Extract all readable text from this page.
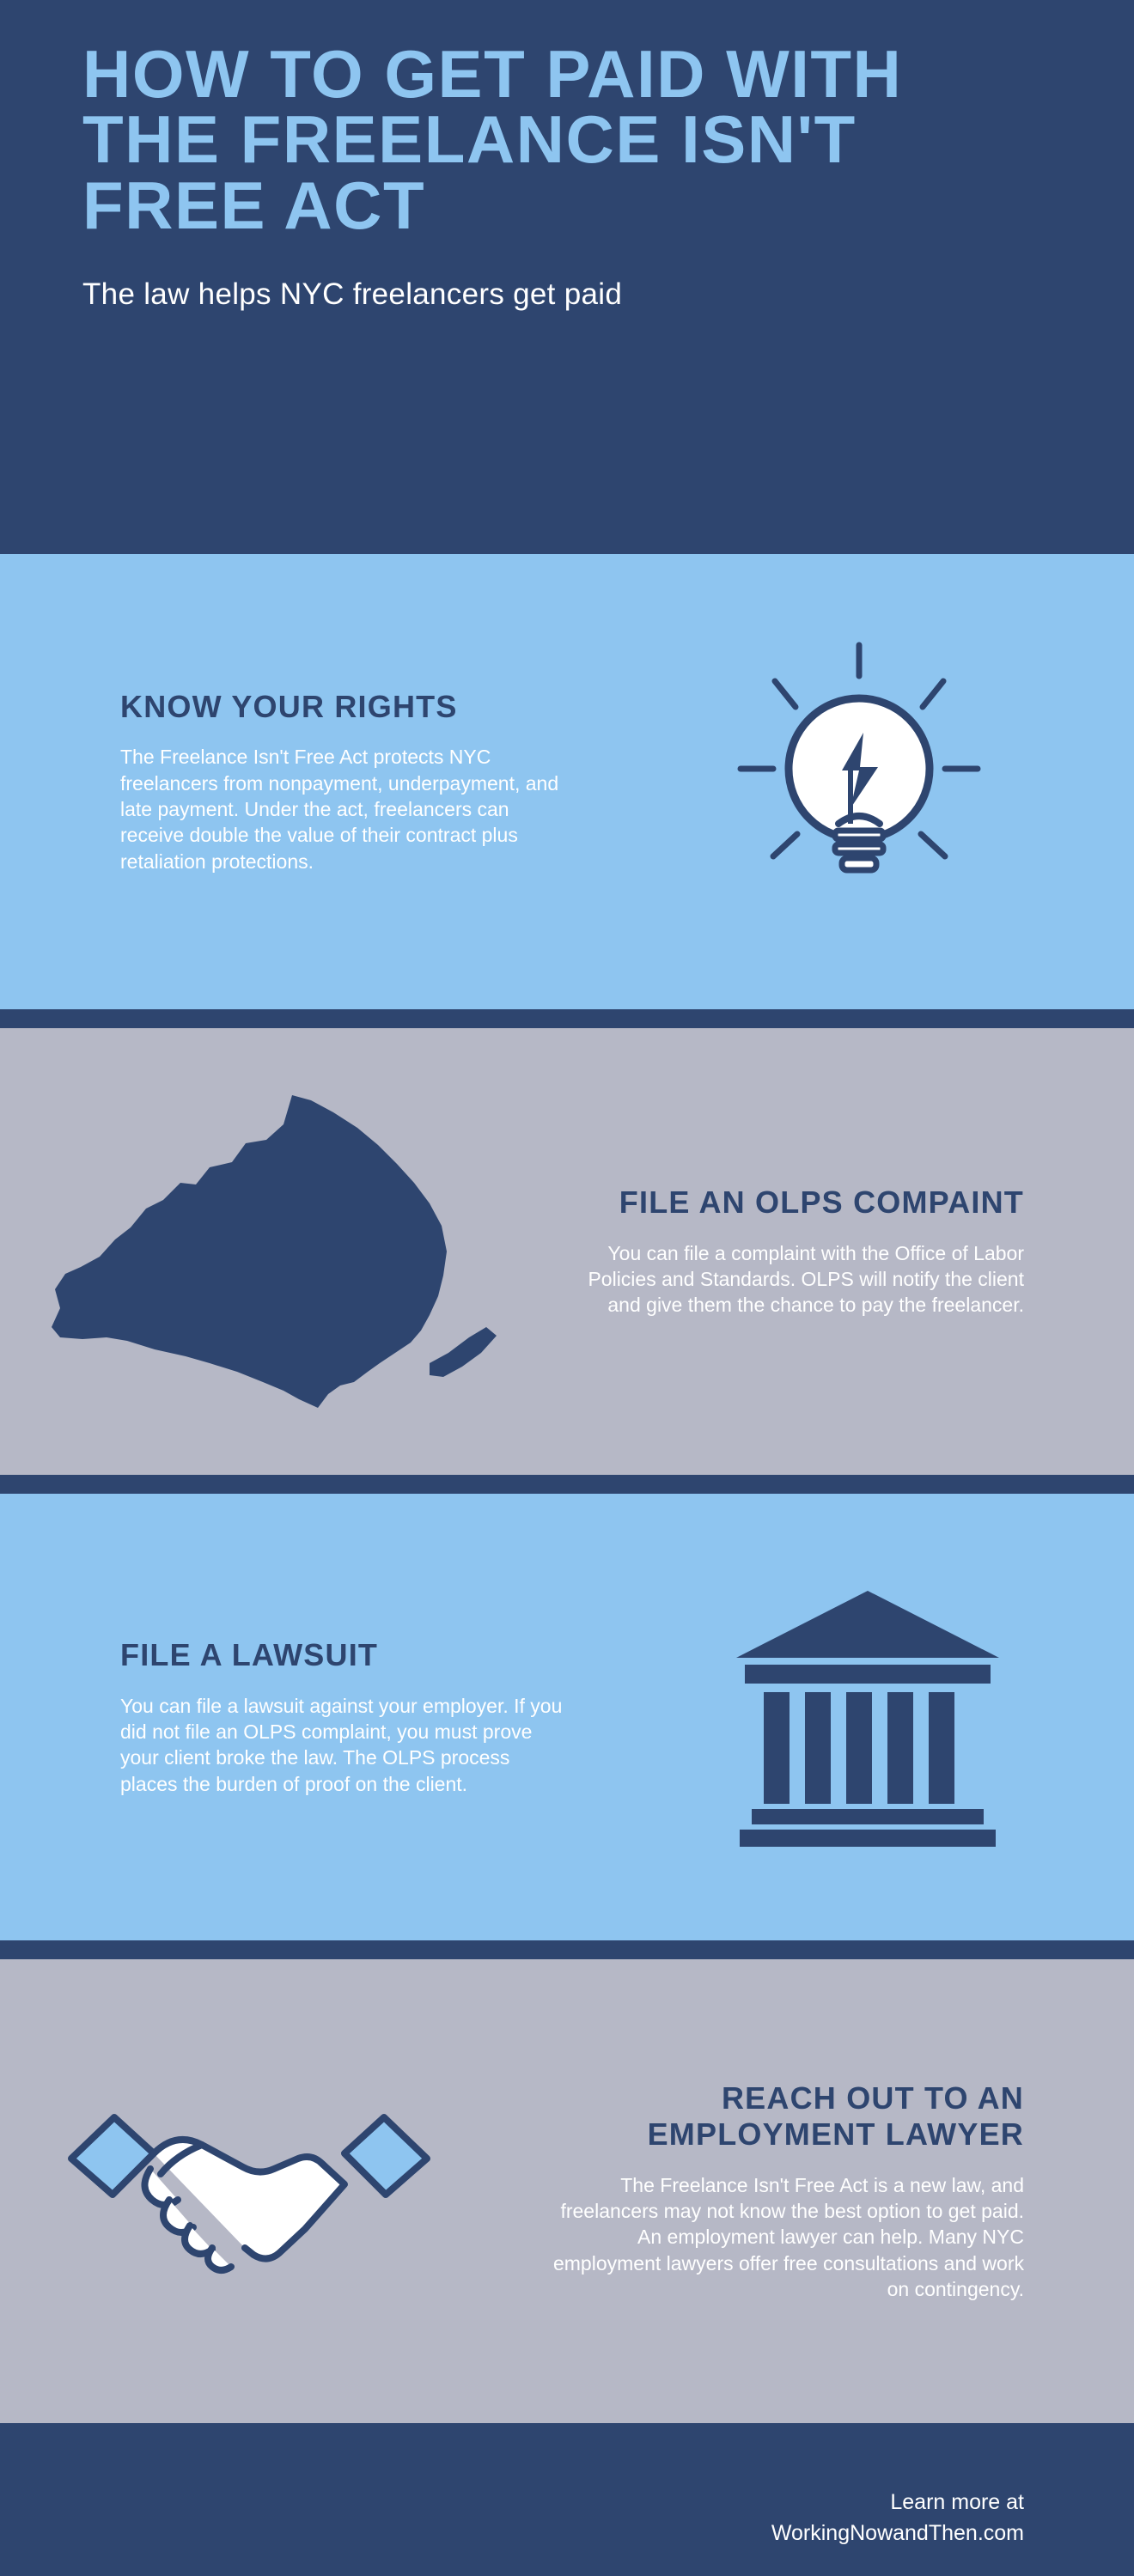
HOW TO GET PAID WITH THE FREELANCE ISN'T FREE ACT
The law helps NYC freelancers get paid
KNOW YOUR RIGHTS
The Freelance Isn't Free Act protects NYC freelancers from nonpayment, underpayment, and late payment. Under the act, freelancers can receive double the value of their contract plus retaliation protections.
FILE AN OLPS COMPAINT
You can file a complaint with the Office of Labor Policies and Standards. OLPS will notify the client and give them the chance to pay the freelancer.
FILE A LAWSUIT
You can file a lawsuit against your employer. If you did not file an OLPS complaint, you must prove your client broke the law. The OLPS process places the burden of proof on the client.
REACH OUT TO AN EMPLOYMENT LAWYER
The Freelance Isn't Free Act is a new law, and freelancers may not know the best option to get paid. An employment lawyer can help. Many NYC employment lawyers offer free consultations and work on contingency.
Learn more at
WorkingNowandThen.com
